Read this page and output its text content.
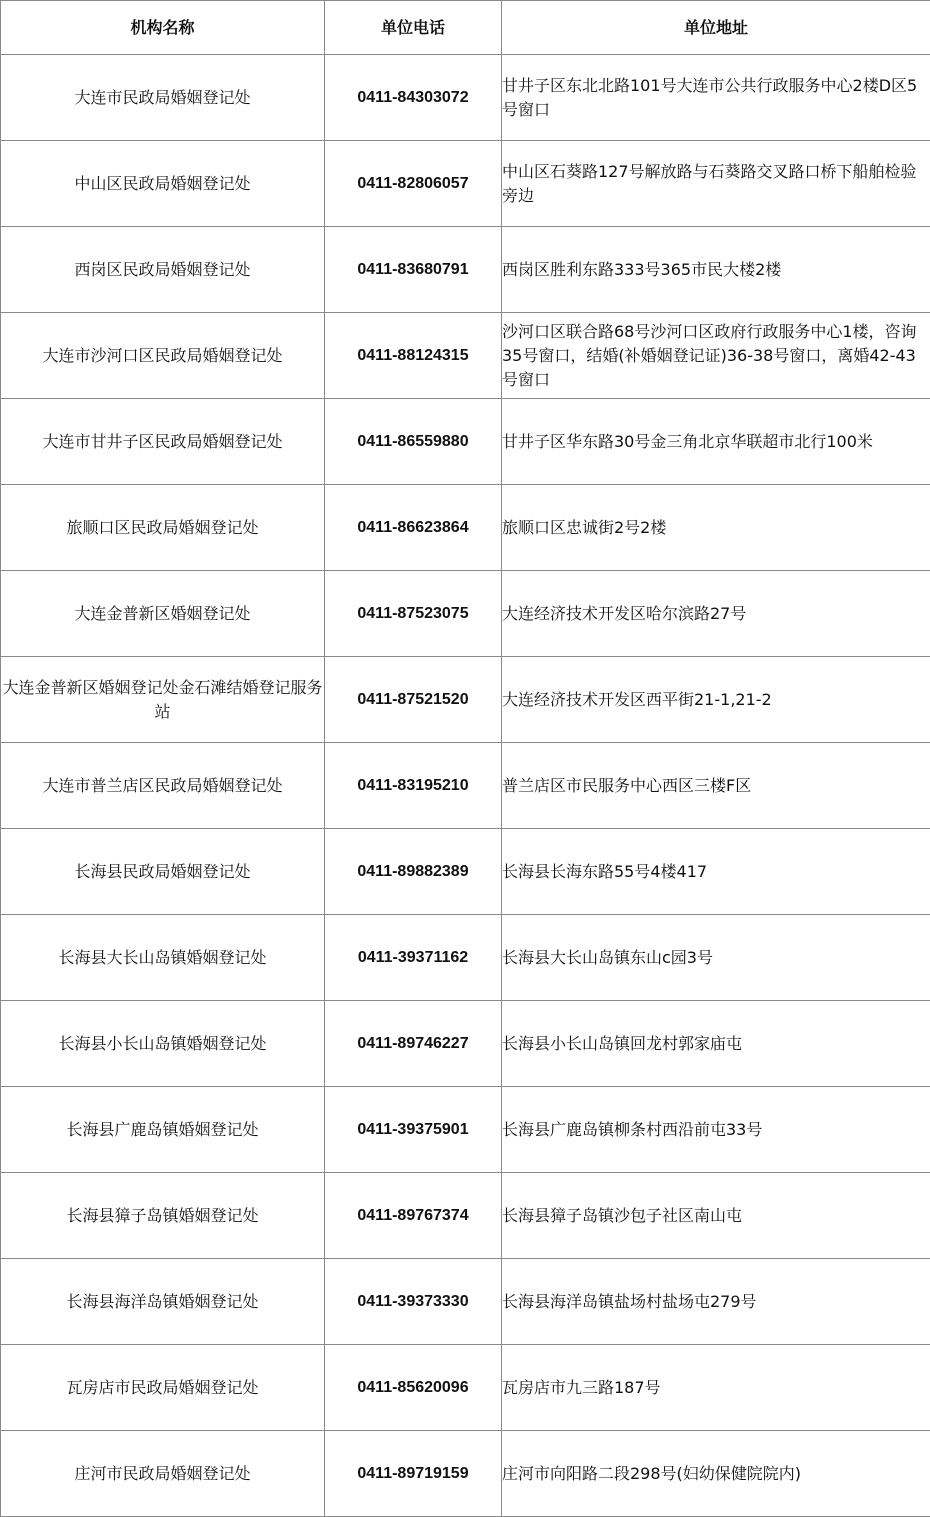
机构名称	单位电话	单位地址
大连市民政局婚姻登记处	0411-84303072	甘井子区东北北路101号大连市公共行政服务中心2楼D区5号窗口
中山区民政局婚姻登记处	0411-82806057	中山区石葵路127号解放路与石葵路交叉路口桥下船舶检验旁边
西岗区民政局婚姻登记处	0411-83680791	西岗区胜利东路333号365市民大楼2楼
大连市沙河口区民政局婚姻登记处	0411-88124315	沙河口区联合路68号沙河口区政府行政服务中心1楼，咨询35号窗口，结婚(补婚姻登记证)36-38号窗口，离婚42-43号窗口
大连市甘井子区民政局婚姻登记处	0411-86559880	甘井子区华东路30号金三角北京华联超市北行100米
旅顺口区民政局婚姻登记处	0411-86623864	旅顺口区忠诚街2号2楼
大连金普新区婚姻登记处	0411-87523075	大连经济技术开发区哈尔滨路27号
大连金普新区婚姻登记处金石滩结婚登记服务站	0411-87521520	大连经济技术开发区西平街21-1,21-2
大连市普兰店区民政局婚姻登记处	0411-83195210	普兰店区市民服务中心西区三楼F区
长海县民政局婚姻登记处	0411-89882389	长海县长海东路55号4楼417
长海县大长山岛镇婚姻登记处	0411-39371162	长海县大长山岛镇东山c园3号
长海县小长山岛镇婚姻登记处	0411-89746227	长海县小长山岛镇回龙村郭家庙屯
长海县广鹿岛镇婚姻登记处	0411-39375901	长海县广鹿岛镇柳条村西沿前屯33号
长海县獐子岛镇婚姻登记处	0411-89767374	长海县獐子岛镇沙包子社区南山屯
长海县海洋岛镇婚姻登记处	0411-39373330	长海县海洋岛镇盐场村盐场屯279号
瓦房店市民政局婚姻登记处	0411-85620096	瓦房店市九三路187号
庄河市民政局婚姻登记处	0411-89719159	庄河市向阳路二段298号(妇幼保健院院内)
